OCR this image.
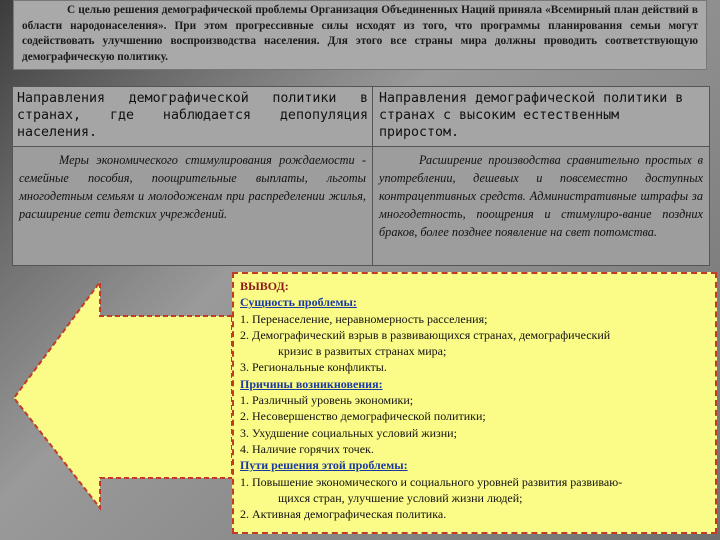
С целью решения демографической проблемы Организация Объединенных Наций приняла «Всемирный план действий в области народонаселения». При этом прогрессивные силы исходят из того, что программы планирования семьи могут содействовать улучшению воспроизводства населения. Для этого все страны мира должны проводить соответствующую демографическую политику.
Направления демографической политики в странах, где наблюдается депопуляция населения.
Направления демографической политики в странах с высоким естественным приростом.
Меры экономического стимулирования рождаемости - семейные пособия, поощрительные выплаты, льготы многодетным семьям и молодоженам при распределении жилья, расширение сети детских учреждений.
Расширение производства сравнительно простых в употреблении, дешевых и повсеместно доступных контрацептивных средств. Административные штрафы за многодетность, поощрения и стимулиро-вание поздних браков, более позднее появление на свет потомства.
ВЫВОД:
Сущность проблемы:
1. Перенаселение, неравномерность расселения;
2. Демографический взрыв в развивающихся странах, демографический
кризис в развитых странах мира;
3. Региональные конфликты.
Причины возникновения:
1. Различный уровень экономики;
2. Несовершенство демографической политики;
3. Ухудшение социальных условий жизни;
4. Наличие горячих точек.
Пути решения этой проблемы:
1. Повышение экономического и социального уровней развития развиваю-
щихся стран, улучшение условий жизни людей;
2. Активная демографическая политика.
